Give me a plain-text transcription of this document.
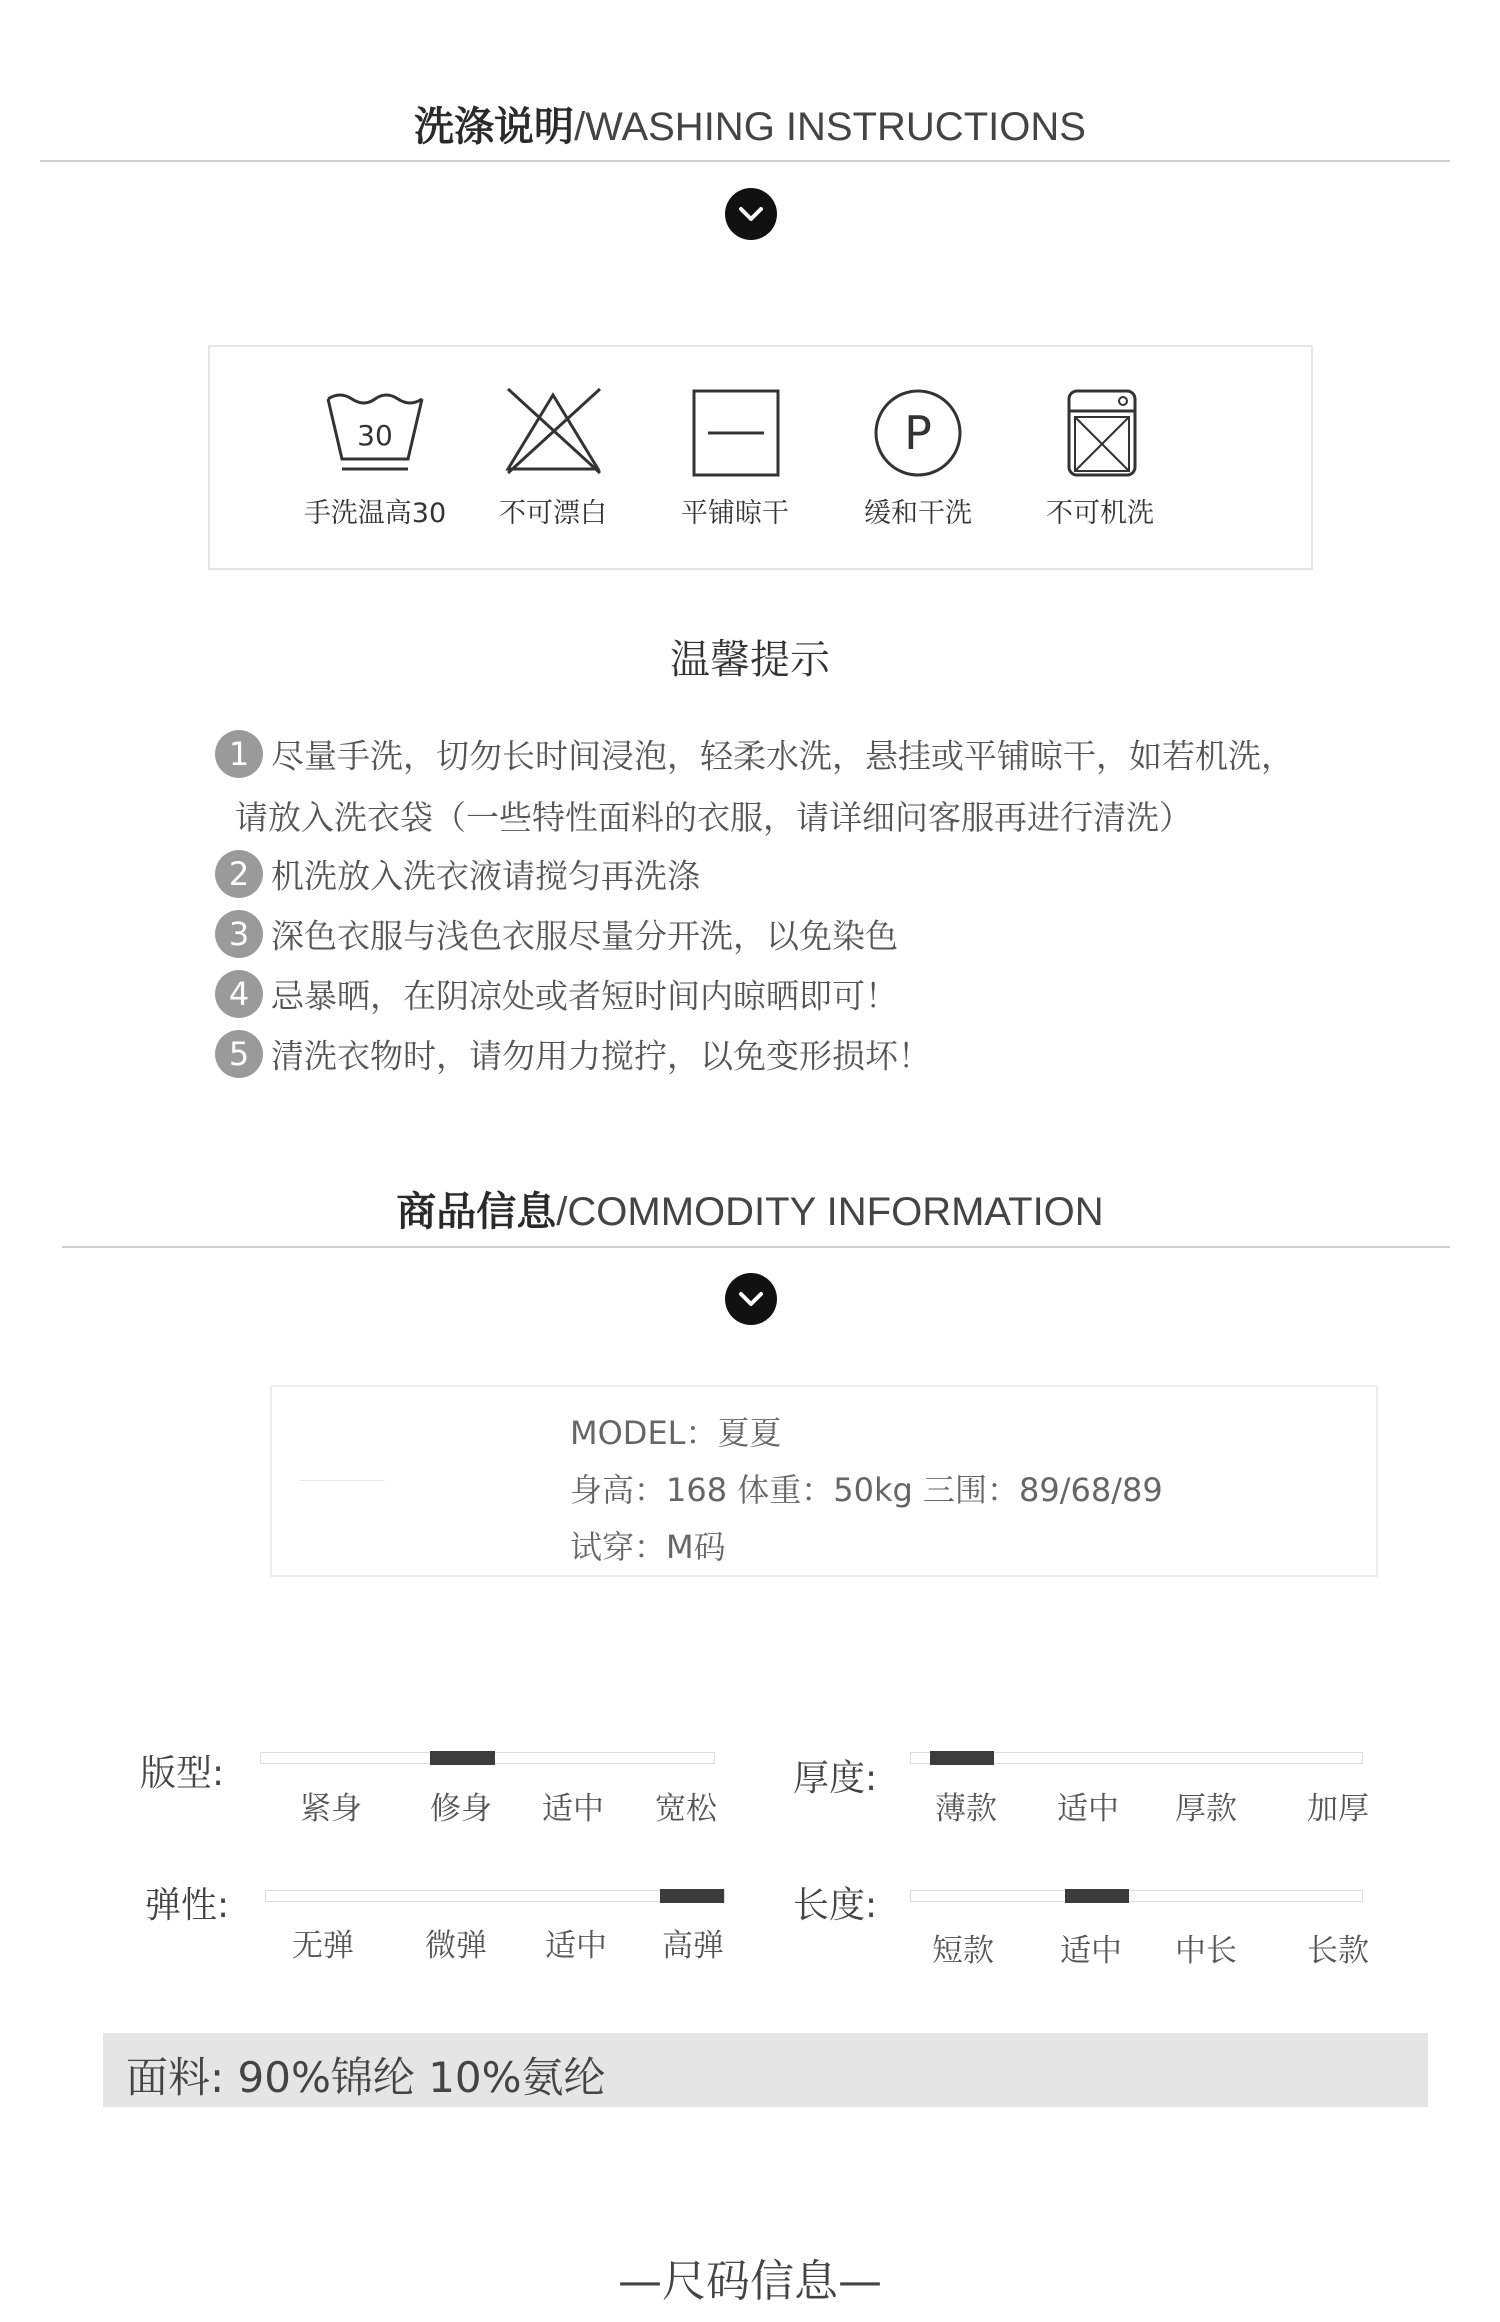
洗涤说明/WASHING INSTRUCTIONS
30
手洗温高30	不可漂白	平铺晾干
P
缓和干洗	不可机洗
温馨提示
1 尽量手洗，切勿长时间浸泡，轻柔水洗，悬挂或平铺晾干，如若机洗，
请放入洗衣袋（一些特性面料的衣服，请详细问客服再进行清洗）
2 机洗放入洗衣液请搅匀再洗涤
3 深色衣服与浅色衣服尽量分开洗，以免染色
4 忌暴晒，在阴凉处或者短时间内晾晒即可！
5 清洗衣物时，请勿用力搅拧，以免变形损坏！
商品信息/COMMODITY INFORMATION
MODEL：夏夏
身高：168 体重：50kg 三围：89/68/89
试穿：M码
版型:
紧身 修身 适中 宽松
厚度:
薄款 适中 厚款 加厚
弹性:
无弹 微弹 适中 高弹
长度:
短款 适中 中长 长款
面料: 90%锦纶 10%氨纶
—尺码信息—
